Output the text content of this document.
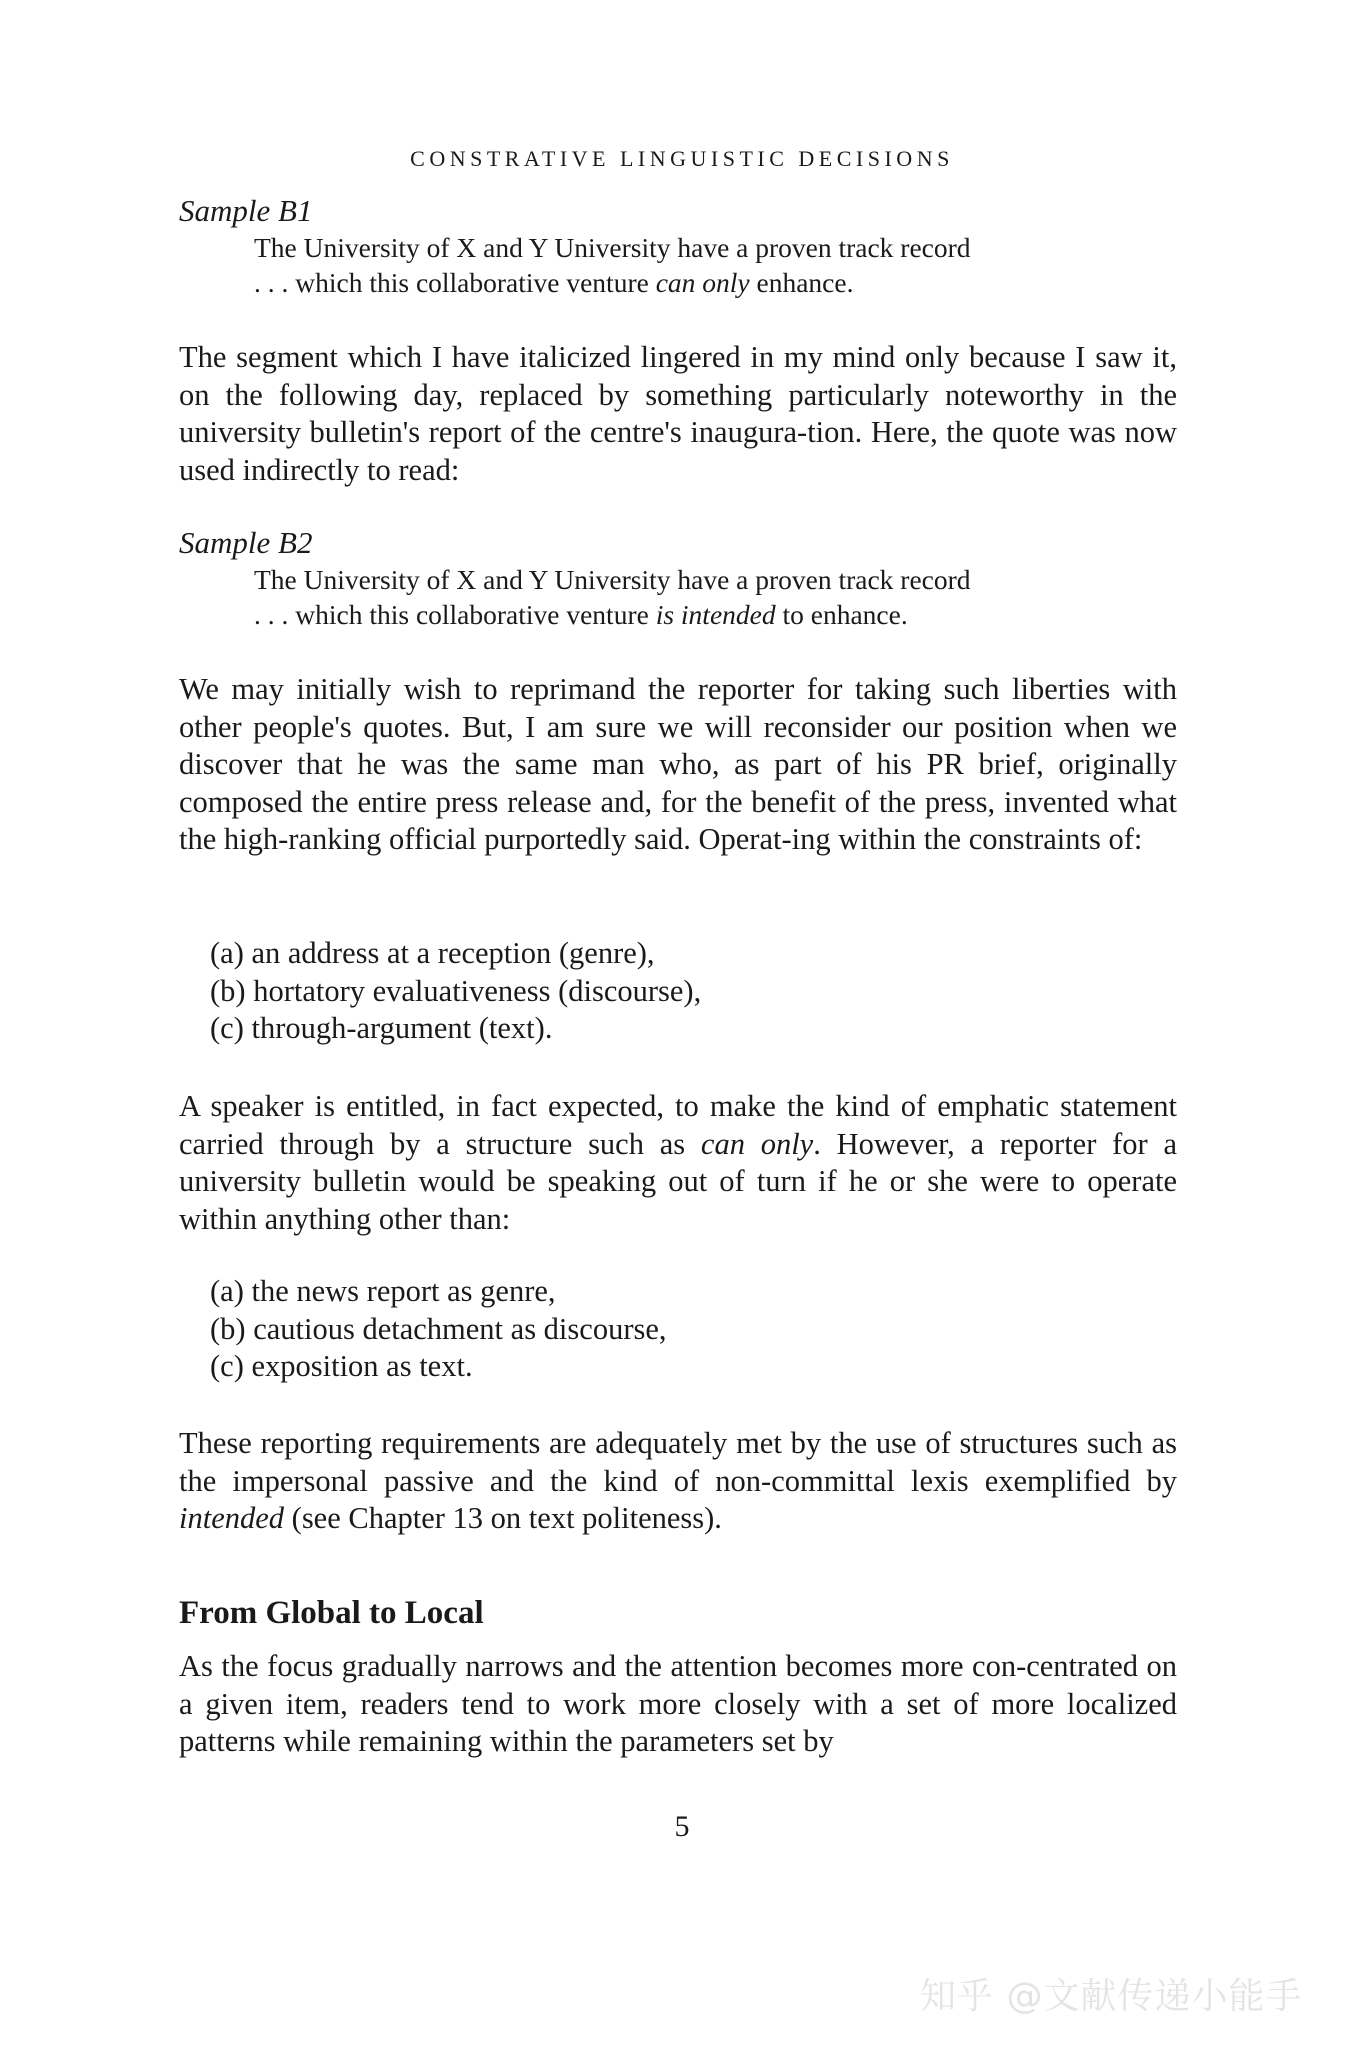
CONSTRATIVE LINGUISTIC DECISIONS
Sample B1
The University of X and Y University have a proven track record
. . . which this collaborative venture can only enhance.
The segment which I have italicized lingered in my mind only because I saw it, on the following day, replaced by something particularly noteworthy in the university bulletin's report of the centre's inaugura-tion. Here, the quote was now used indirectly to read:
Sample B2
The University of X and Y University have a proven track record
. . . which this collaborative venture is intended to enhance.
We may initially wish to reprimand the reporter for taking such liberties with other people's quotes. But, I am sure we will reconsider our position when we discover that he was the same man who, as part of his PR brief, originally composed the entire press release and, for the benefit of the press, invented what the high-ranking official purportedly said. Operat-ing within the constraints of:
(a) an address at a reception (genre),
(b) hortatory evaluativeness (discourse),
(c) through-argument (text).
A speaker is entitled, in fact expected, to make the kind of emphatic statement carried through by a structure such as can only. However, a reporter for a university bulletin would be speaking out of turn if he or she were to operate within anything other than:
(a) the news report as genre,
(b) cautious detachment as discourse,
(c) exposition as text.
These reporting requirements are adequately met by the use of structures such as the impersonal passive and the kind of non-committal lexis exemplified by intended (see Chapter 13 on text politeness).
From Global to Local
As the focus gradually narrows and the attention becomes more con-centrated on a given item, readers tend to work more closely with a set of more localized patterns while remaining within the parameters set by
5
知乎 @文献传递小能手
